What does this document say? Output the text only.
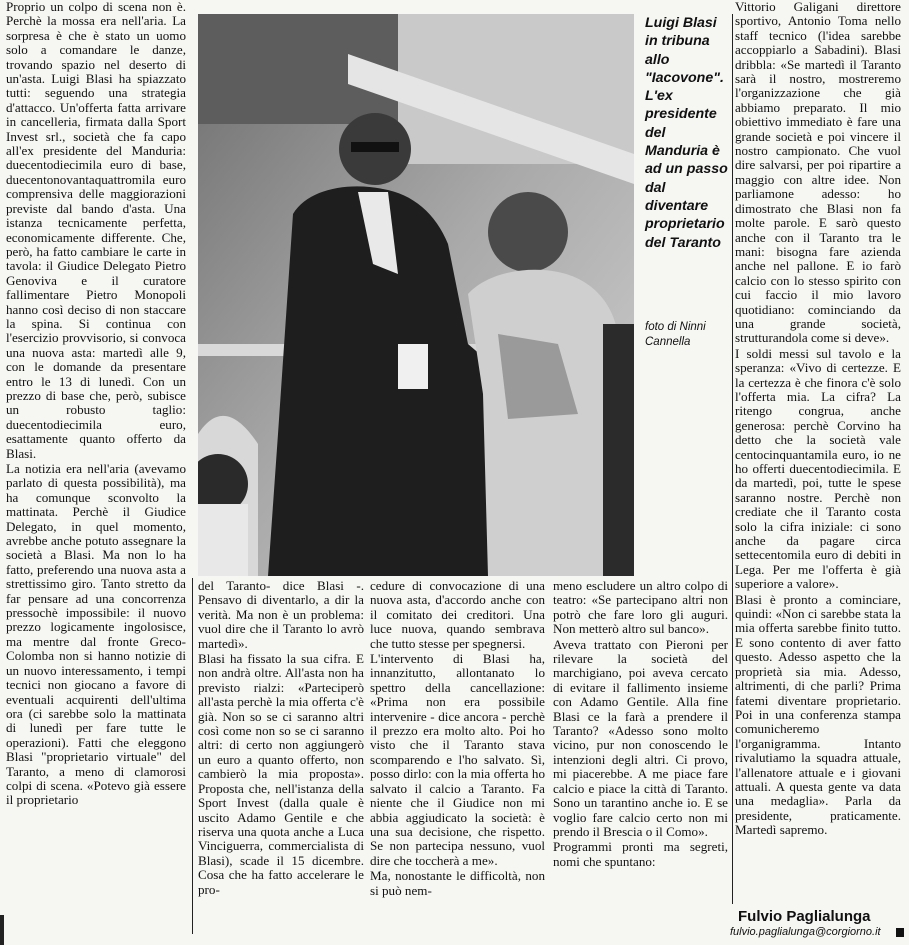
Proprio un colpo di scena non è. Perchè la mossa era nell'aria. La sorpresa è che è stato un uomo solo a comandare le danze, trovando spazio nel deserto di un'asta. Luigi Blasi ha spiazzato tutti: seguendo una strategia d'attacco. Un'offerta fatta arrivare in cancelleria, firmata dalla Sport Invest srl., società che fa capo all'ex presidente del Manduria: duecentodiecimila euro di base, duecentonovantaquattromila euro comprensiva delle maggiorazioni previste dal bando d'asta. Una istanza tecnicamente perfetta, economicamente differente. Che, però, ha fatto cambiare le carte in tavola: il Giudice Delegato Pietro Genoviva e il curatore fallimentare Pietro Monopoli hanno così deciso di non staccare la spina. Si continua con l'esercizio provvisorio, si convoca una nuova asta: martedì alle 9, con le domande da presentare entro le 13 di lunedì. Con un prezzo di base che, però, subisce un robusto taglio: duecentodiecimila euro, esattamente quanto offerto da Blasi.

La notizia era nell'aria (avevamo parlato di questa possibilità), ma ha comunque sconvolto la mattinata. Perchè il Giudice Delegato, in quel momento, avrebbe anche potuto assegnare la società a Blasi. Ma non lo ha fatto, preferendo una nuova asta a strettissimo giro. Tanto stretto da far pensare ad una concorrenza pressochè impossibile: il nuovo prezzo logicamente ingolosisce, ma mentre dal fronte Greco-Colomba non si hanno notizie di un nuovo interessamento, i tempi tecnici non giocano a favore di eventuali acquirenti dell'ultima ora (ci sarebbe solo la mattinata di lunedì per fare tutte le operazioni). Fatti che eleggono Blasi "proprietario virtuale" del Taranto, a meno di clamorosi colpi di scena. «Potevo già essere il proprietario

Luigi Blasi in tribuna allo "Iacovone". L'ex presidente del Manduria è ad un passo dal diventare proprietario del Taranto
foto di Ninni Cannella

del Taranto- dice Blasi -. Pensavo di diventarlo, a dir la verità. Ma non è un problema: vuol dire che il Taranto lo avrò martedì».

Blasi ha fissato la sua cifra. E non andrà oltre. All'asta non ha previsto rialzi: «Parteciperò all'asta perchè la mia offerta c'è già. Non so se ci saranno altri così come non so se ci saranno altri: di certo non aggiungerò un euro a quanto offerto, non cambierò la mia proposta». Proposta che, nell'istanza della Sport Invest (dalla quale è uscito Adamo Gentile e che riserva una quota anche a Luca Vinciguerra, commercialista di Blasi), scade il 15 dicembre. Cosa che ha fatto accelerare le pro-

cedure di convocazione di una nuova asta, d'accordo anche con il comitato dei creditori. Una luce nuova, quando sembrava che tutto stesse per spegnersi.

L'intervento di Blasi ha, innanzitutto, allontanato lo spettro della cancellazione: «Prima non era possibile intervenire - dice ancora - perchè il prezzo era molto alto. Poi ho visto che il Taranto stava scomparendo e l'ho salvato. Sì, posso dirlo: con la mia offerta ho salvato il calcio a Taranto. Fa niente che il Giudice non mi abbia aggiudicato la società: è una sua decisione, che rispetto. Se non partecipa nessuno, vuol dire che toccherà a me».

Ma, nonostante le difficoltà, non si può nem-

meno escludere un altro colpo di teatro: «Se partecipano altri non potrò che fare loro gli auguri. Non metterò altro sul banco».

Aveva trattato con Pieroni per rilevare la società del marchigiano, poi aveva cercato di evitare il fallimento insieme con Adamo Gentile. Alla fine Blasi ce la farà a prendere il Taranto? «Adesso sono molto vicino, pur non conoscendo le intenzioni degli altri. Ci provo, mi piacerebbe. A me piace fare calcio e piace la città di Taranto. Sono un tarantino anche io. E se voglio fare calcio certo non mi prendo il Brescia o il Como».

Programmi pronti ma segreti, nomi che spuntano:

Vittorio Galigani direttore sportivo, Antonio Toma nello staff tecnico (l'idea sarebbe accoppiarlo a Sabadini). Blasi dribbla: «Se martedì il Taranto sarà il nostro, mostreremo l'organizzazione che già abbiamo preparato. Il mio obiettivo immediato è fare una grande società e poi vincere il nostro campionato. Che vuol dire salvarsi, per poi ripartire a maggio con altre idee. Non parliamone adesso: ho dimostrato che Blasi non fa molte parole. E sarò questo anche con il Taranto tra le mani: bisogna fare azienda anche nel pallone. E io farò calcio con lo stesso spirito con cui faccio il mio lavoro quotidiano: cominciando da una grande società, strutturandola come si deve».

I soldi messi sul tavolo e la speranza: «Vivo di certezze. E la certezza è che finora c'è solo l'offerta mia. La cifra? La ritengo congrua, anche generosa: perchè Corvino ha detto che la società vale centocinquantamila euro, io ne ho offerti duecentodiecimila. E da martedì, poi, tutte le spese saranno nostre. Perchè non crediate che il Taranto costa solo la cifra iniziale: ci sono anche da pagare circa settecentomila euro di debiti in Lega. Per me l'offerta è già superiore a valore».

Blasi è pronto a cominciare, quindi: «Non ci sarebbe stata la mia offerta sarebbe finito tutto. E sono contento di aver fatto questo. Adesso aspetto che la proprietà sia mia. Adesso, altrimenti, di che parli? Prima fatemi diventare proprietario. Poi in una conferenza stampa comunicheremo l'organigramma. Intanto rivalutiamo la squadra attuale, l'allenatore attuale e i giovani attuali. A questa gente va data una medaglia». Parla da presidente, praticamente. Martedì sapremo.

Fulvio Paglialunga
fulvio.paglialunga@corgiorno.it
